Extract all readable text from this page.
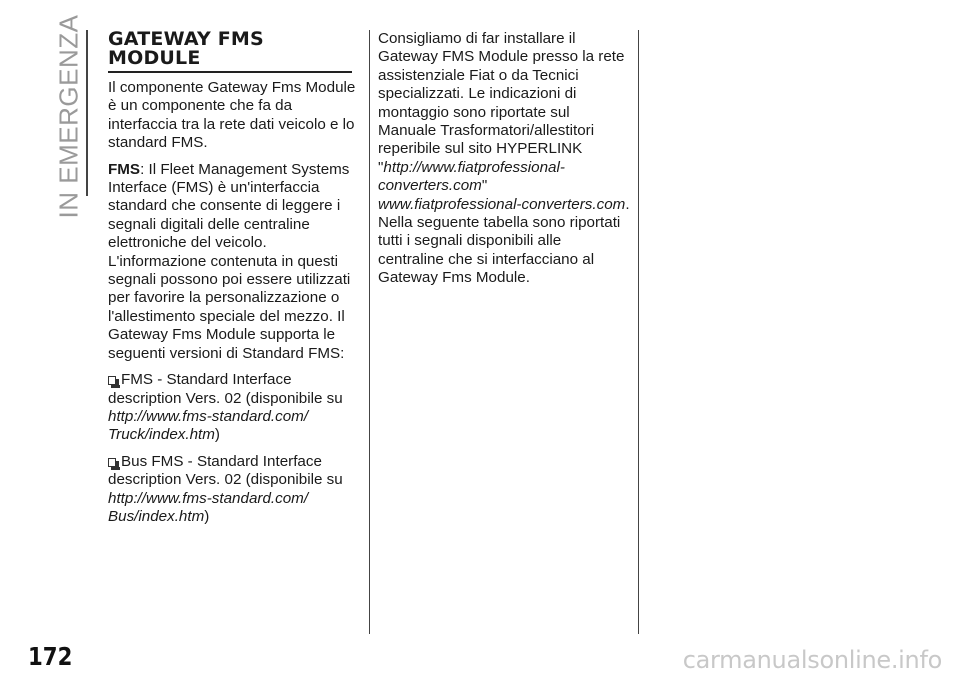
IN EMERGENZA GATEWAY FMS
MODULE

Il componente Gateway Fms Module è un componente che fa da interfaccia tra la rete dati veicolo e lo standard FMS.

FMS: Il Fleet Management Systems Interface (FMS) è un'interfaccia standard che consente di leggere i segnali digitali delle centraline elettroniche del veicolo. L'informazione contenuta in questi segnali possono poi essere utilizzati per favorire la personalizzazione o l'allestimento speciale del mezzo. Il Gateway Fms Module supporta le seguenti versioni di Standard FMS:

FMS - Standard Interface description Vers. 02 (disponibile su http://www.fms-standard.com/
Truck/index.htm)

Bus FMS - Standard Interface description Vers. 02 (disponibile su http://www.fms-standard.com/
Bus/index.htm)

Consigliamo di far installare il Gateway FMS Module presso la rete assistenziale Fiat o da Tecnici specializzati. Le indicazioni di montaggio sono riportate sul Manuale Trasformatori/allestitori reperibile sul sito HYPERLINK "http://www.fiatprofessional-converters.com" www.fiatprofessional-converters.com. Nella seguente tabella sono riportati tutti i segnali disponibili alle centraline che si interfacciano al Gateway Fms Module.

172	carmanualsonline.info
